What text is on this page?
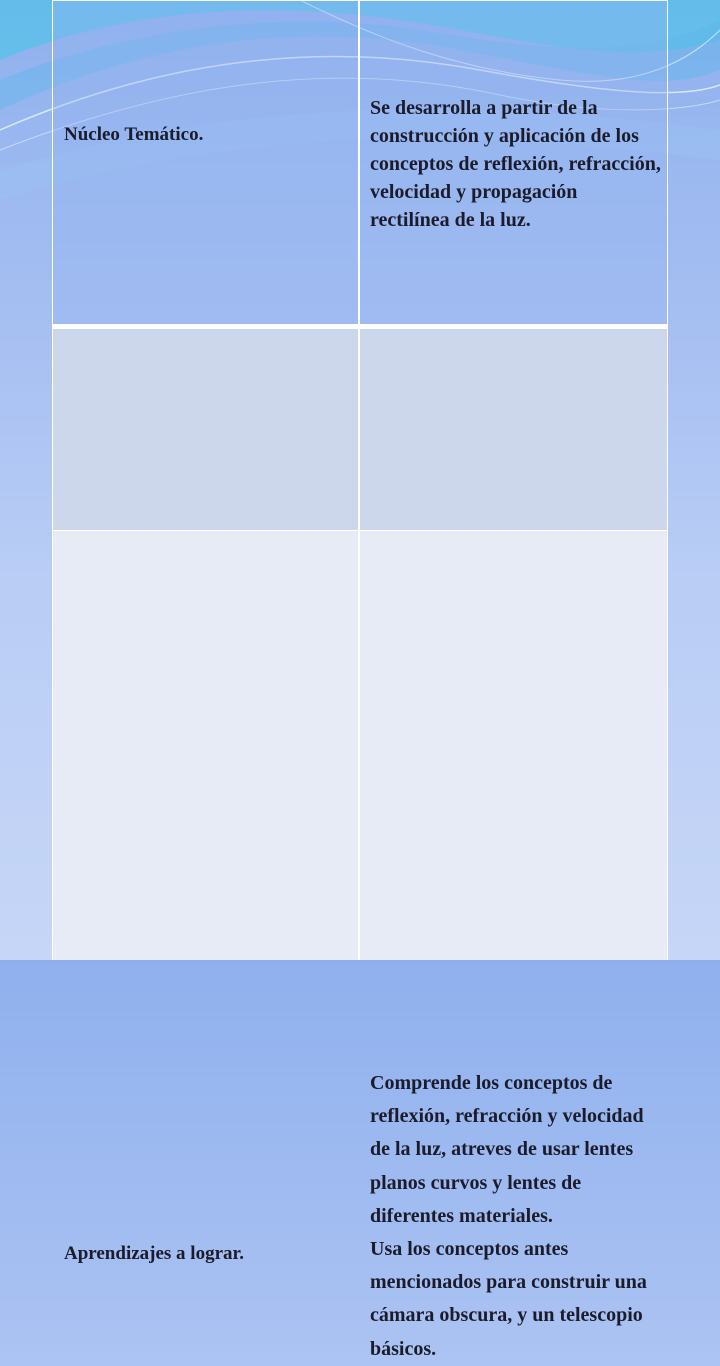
Núcleo Temático.
Se desarrolla a partir de la construcción y aplicación de los conceptos de reflexión, refracción, velocidad y propagación rectilínea de la luz.
Aprendizajes a lograr.
Comprende los conceptos de reflexión, refracción y velocidad de la luz, atreves de usar lentes planos curvos y lentes de diferentes materiales.
Usa los conceptos antes mencionados para construir una cámara obscura, y un telescopio básicos.
